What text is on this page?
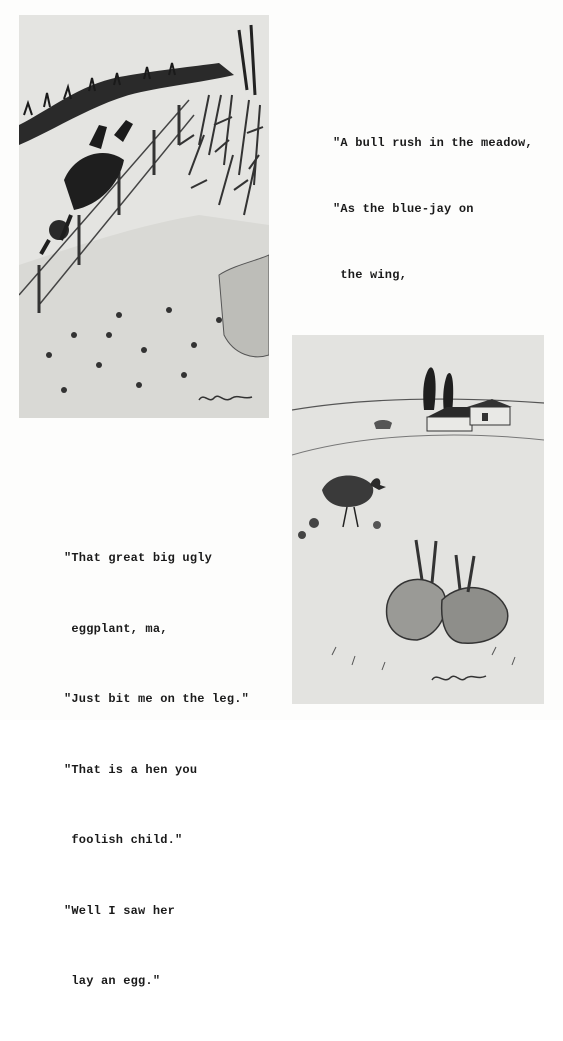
"A bull rush in the meadow,

"As the blue-jay on

the wing,

"That great big ugly

eggplant, ma,

"Just bit me on the leg."

"That is a hen you

foolish child."

"Well I saw her

lay an egg."
